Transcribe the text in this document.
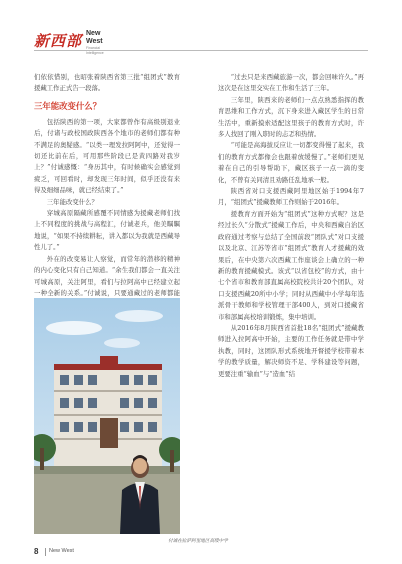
新西部 New West
Financial Intelligence

们依依惜别，也昭张着陕西省第三批“组团式”教育援藏工作正式告一段落。

三年能改变什么？

包括陕西的第一项，大家都曾作有高级别退业后，付诸与政校国政陕西各个地市的老师们都有种不满足的奥疑感。“以类一理发拉阿阿中，还觉得一切还比前在后，可用那些阶段已是黄四路对我岁上？”付诚感慨：“身历其中，有时候确实会感觉到疲乏，可回看时，却发现三年时间，似乎还没有来得及细细品味，就已经结束了。”

三年能改变什么？

穿城高原隔藏所感覆不同情感为援藏老师们找上不同程度的挑战与高程汇，付诚老兵，他美瞩瞩地说，“如果不持续耕耘，讲入都以为我就是西藏导性儿了。”

外在的改变易让人察觉，而常年的潜移的精神的内心变化只有自己知道。“余生我们都会一直关注可城高原，关注阿里，看们与拉阿高中已经建立起一种全新的关系。”付诚说，只要通藏过的老师都能

付诚在拉萨阿里地区高级中学

“过去只是来西藏旅游一次，都会回味许久。”再这次是在这里交实在工作和生活了三年。

三年里，陕西来的老师们一点点熟悉指挥的教育思维和工作方式，沉下身来进入藏区学生的日常生活中，重新摸索适配这里孩子的教育方式时，许多人找回了刚入职时的忐忑和热情。

“可能是高海拔反应让一切都变得慢了起来，我们的教育方式都像会也跟着放缓慢了。”老师们更见着在自己的引导帮助下，藏区孩子一点一滴的变化，不曾有关同清且劝路任乱地承一般。

陕西省对口支援西藏阿里地区始于1994年7月，“组团式”援藏教师工作则始于2016年。

援教育方面开始为“组团式”这种方式呢？这是经过长久“分散式”援藏工作后，中央和西藏自治区政府通过考察与总结了全国前段“团队式”对口支援以及北京、江苏等省市“组团式”教育人才援藏的效果后，在中央第六次西藏工作座谈会上确立的一种新的教育援藏模式。该式“以省包校”的方式，由十七个省市和教育部直属高校院校共计20个团队，对口支援西藏20所中小学；同时从西藏中小学每年选派骨干教师和学校管理干部400人，到对口援藏省市和部属高校培训锻炼，集中培训。

从2016年8月陕西省首批18名“组团式”援藏教师进入拉阿高中开始，主要的工作任务就是带中学执教，同时，这团队形式系统地开督援学校带着本学的教学质量，解决师资不足、学科建设等问题，更要注重“输血”与“造血”结

8 New West
